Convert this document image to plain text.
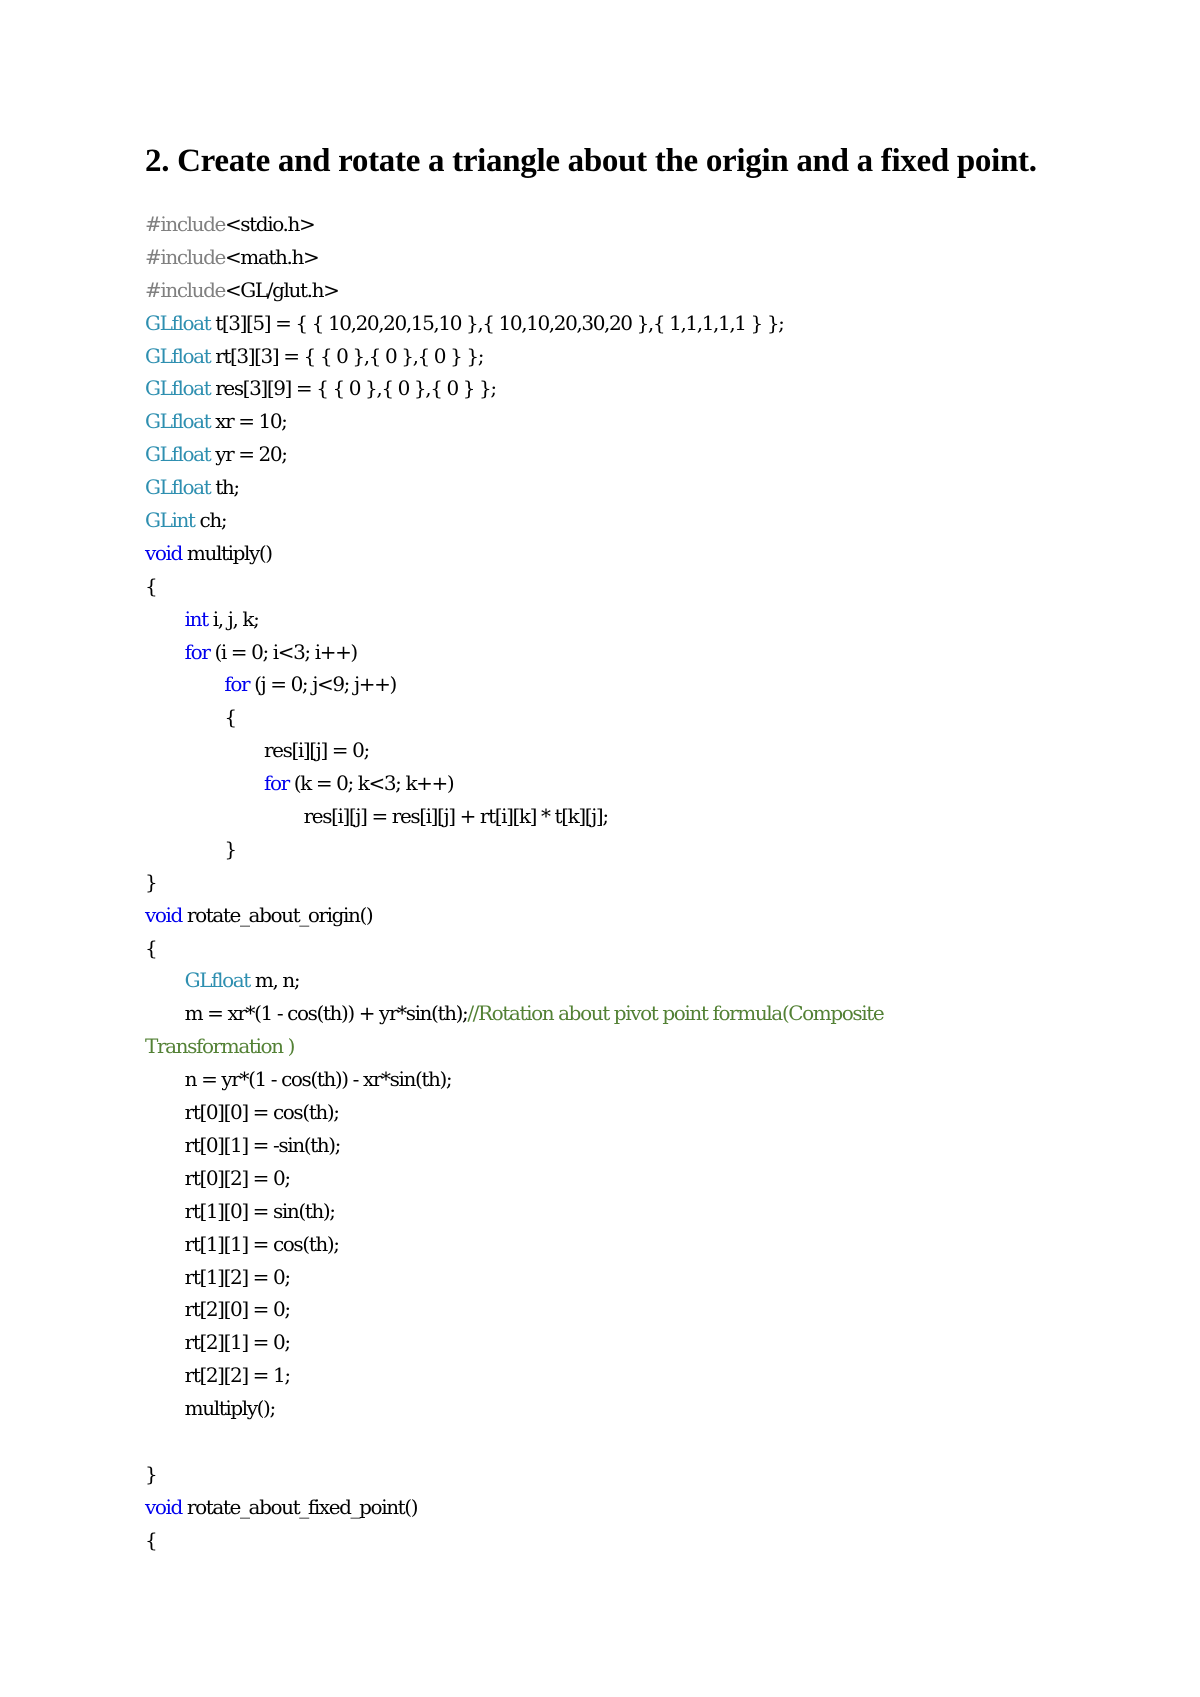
2. Create and rotate a triangle about the origin and a fixed point.
#include<stdio.h>
#include<math.h>
#include<GL/glut.h>
GLfloat t[3][5] = { { 10,20,20,15,10 },{ 10,10,20,30,20 },{ 1,1,1,1,1 } };
GLfloat rt[3][3] = { { 0 },{ 0 },{ 0 } };
GLfloat res[3][9] = { { 0 },{ 0 },{ 0 } };
GLfloat xr = 10;
GLfloat yr = 20;
GLfloat th;
GLint ch;
void multiply()
{
int i, j, k;
for (i = 0; i<3; i++)
for (j = 0; j<9; j++)
{
res[i][j] = 0;
for (k = 0; k<3; k++)
res[i][j] = res[i][j] + rt[i][k] * t[k][j];
}
}
void rotate_about_origin()
{
GLfloat m, n;
m = xr*(1 - cos(th)) + yr*sin(th);//Rotation about pivot point formula(Composite
Transformation )
n = yr*(1 - cos(th)) - xr*sin(th);
rt[0][0] = cos(th);
rt[0][1] = -sin(th);
rt[0][2] = 0;
rt[1][0] = sin(th);
rt[1][1] = cos(th);
rt[1][2] = 0;
rt[2][0] = 0;
rt[2][1] = 0;
rt[2][2] = 1;
multiply();
}
void rotate_about_fixed_point()
{
